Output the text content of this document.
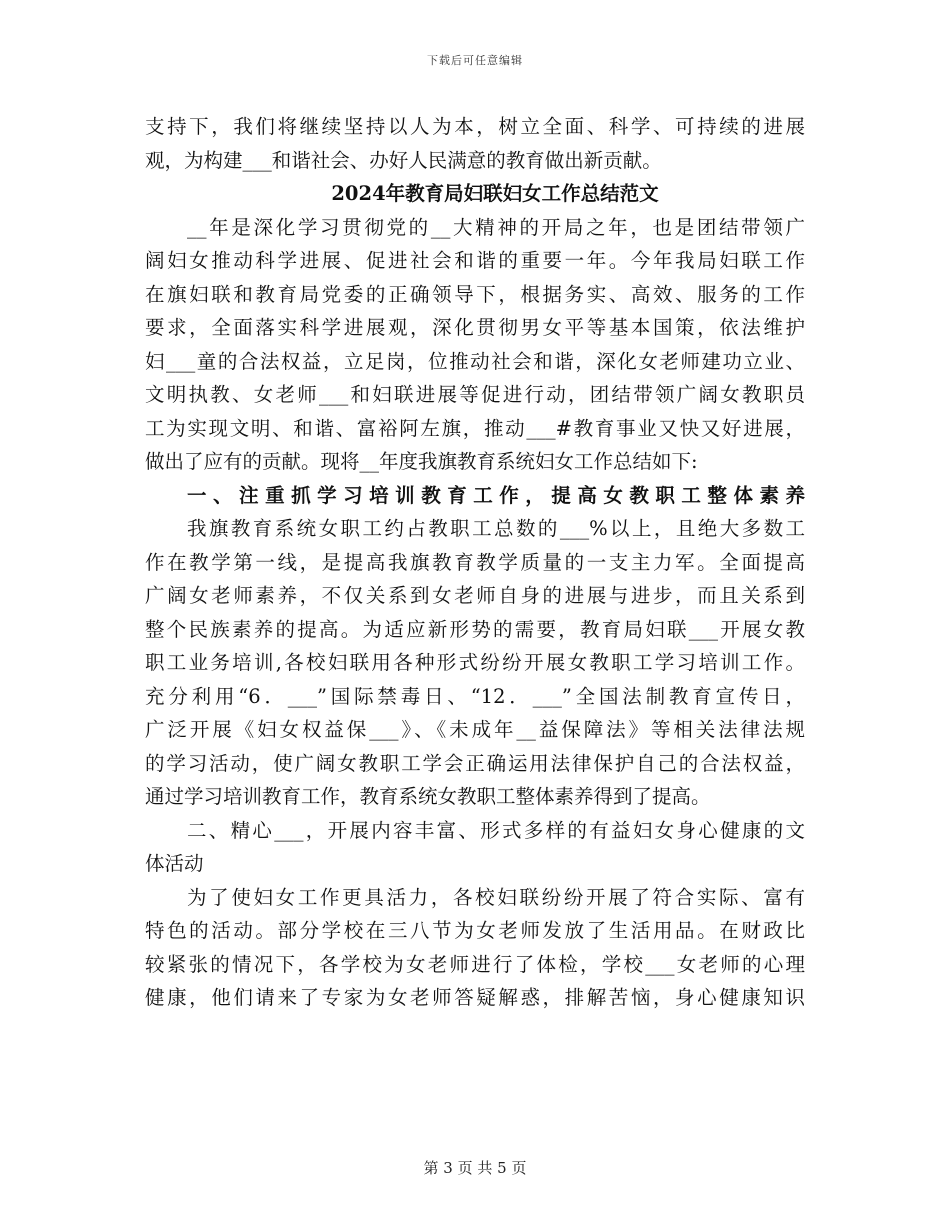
下载后可任意编辑
支持下，我们将继续坚持以人为本，树立全面、科学、可持续的进展
观，为构建___和谐社会、办好人民满意的教育做出新贡献。
2024年教育局妇联妇女工作总结范文
__年是深化学习贯彻党的__大精神的开局之年，也是团结带领广
阔妇女推动科学进展、促进社会和谐的重要一年。今年我局妇联工作
在旗妇联和教育局党委的正确领导下，根据务实、高效、服务的工作
要求，全面落实科学进展观，深化贯彻男女平等基本国策，依法维护
妇___童的合法权益，立足岗，位推动社会和谐，深化女老师建功立业、
文明执教、女老师___和妇联进展等促进行动，团结带领广阔女教职员
工为实现文明、和谐、富裕阿左旗，推动___#教育事业又快又好进展，
做出了应有的贡献。现将__年度我旗教育系统妇女工作总结如下:
一、注重抓学习培训教育工作，提高女教职工整体素养
我旗教育系统女职工约占教职工总数的___%以上，且绝大多数工
作在教学第一线，是提高我旗教育教学质量的一支主力军。全面提高
广阔女老师素养，不仅关系到女老师自身的进展与进步，而且关系到
整个民族素养的提高。为适应新形势的需要，教育局妇联___开展女教
职工业务培训,各校妇联用各种形式纷纷开展女教职工学习培训工作。
充分利用“6．___”国际禁毒日、“12．___”全国法制教育宣传日，
广泛开展《妇女权益保___》、《未成年__益保障法》等相关法律法规
的学习活动，使广阔女教职工学会正确运用法律保护自己的合法权益，
通过学习培训教育工作，教育系统女教职工整体素养得到了提高。
二、精心___，开展内容丰富、形式多样的有益妇女身心健康的文
体活动
为了使妇女工作更具活力，各校妇联纷纷开展了符合实际、富有
特色的活动。部分学校在三八节为女老师发放了生活用品。在财政比
较紧张的情况下，各学校为女老师进行了体检，学校___女老师的心理
健康，他们请来了专家为女老师答疑解惑，排解苦恼，身心健康知识
第 3 页 共 5 页
